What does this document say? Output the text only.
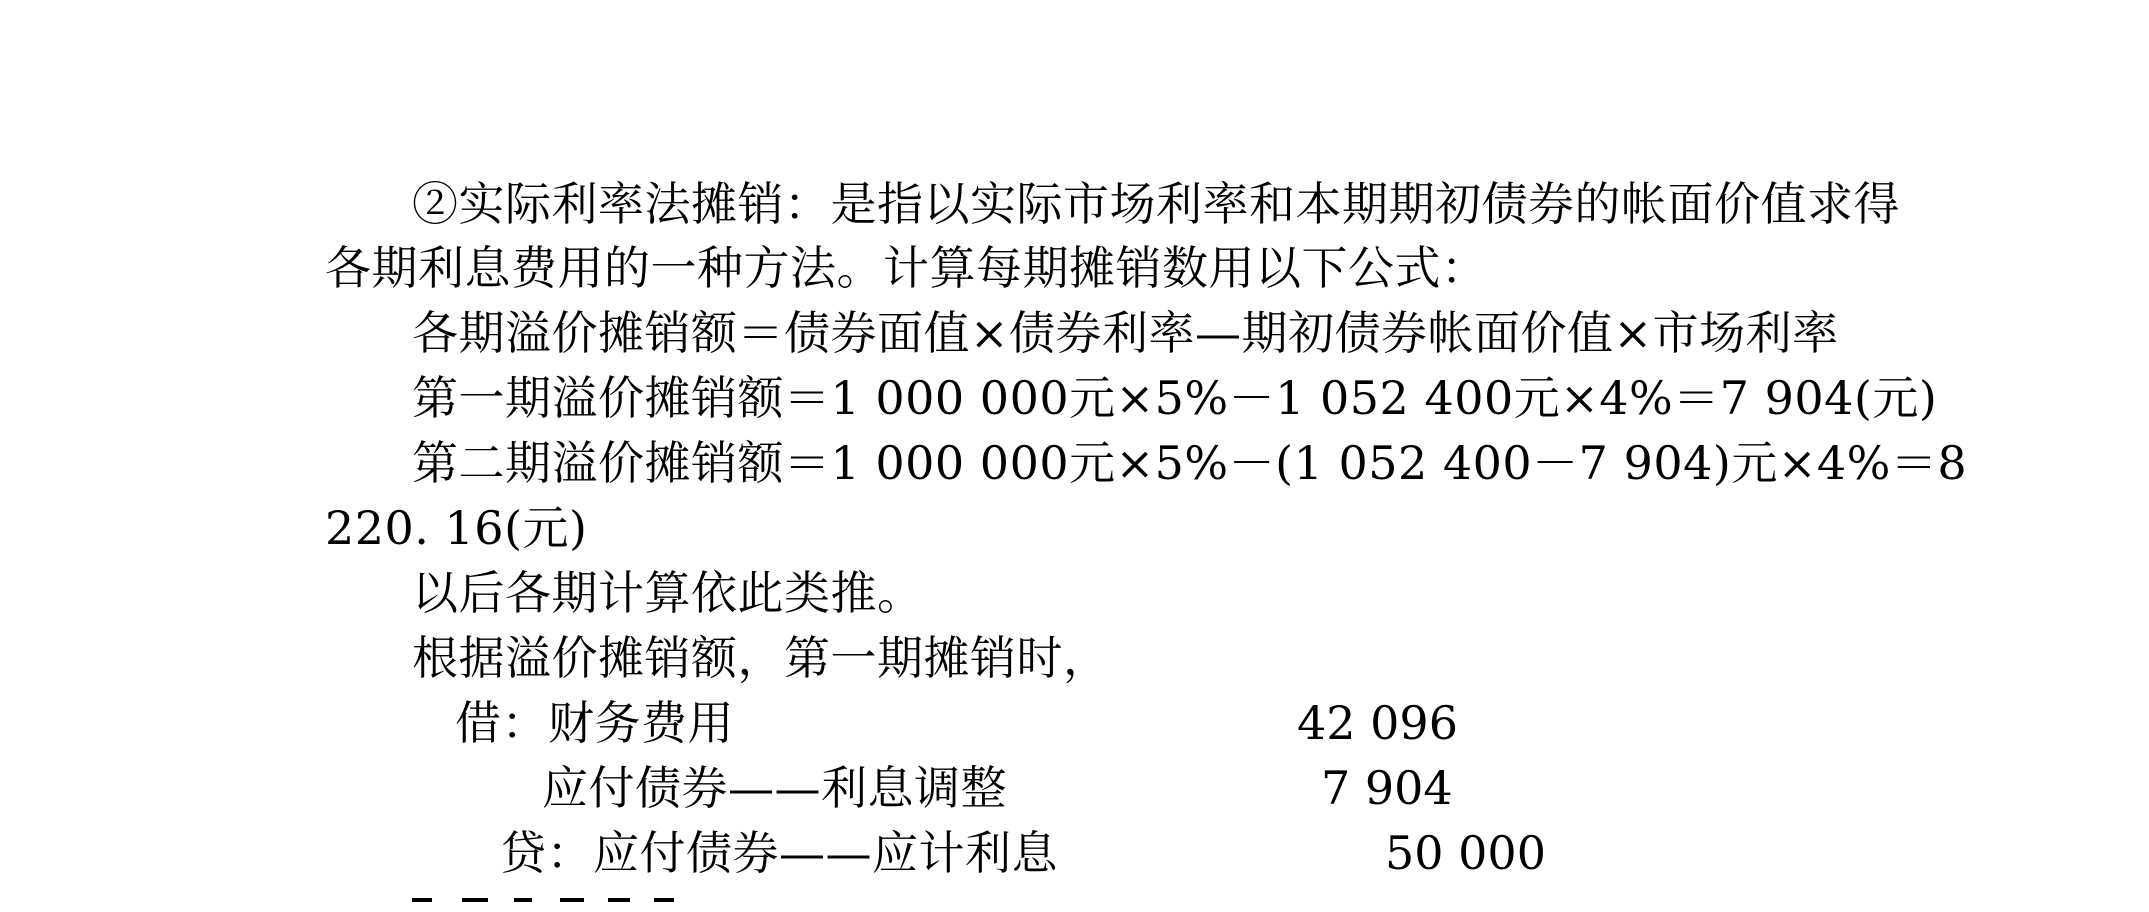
②实际利率法摊销：是指以实际市场利率和本期期初债券的帐面价值求得
各期利息费用的一种方法。计算每期摊销数用以下公式：
各期溢价摊销额＝债券面值×债券利率—期初债券帐面价值×市场利率
第一期溢价摊销额＝1 000 000元×5%－1 052 400元×4%＝7 904(元)
第二期溢价摊销额＝1 000 000元×5%－(1 052 400－7 904)元×4%＝8
220. 16(元)
以后各期计算依此类推。
根据溢价摊销额，第一期摊销时，
借：财务费用	42 096
应付债券——利息调整	7 904
贷：应付债券——应计利息	50 000
